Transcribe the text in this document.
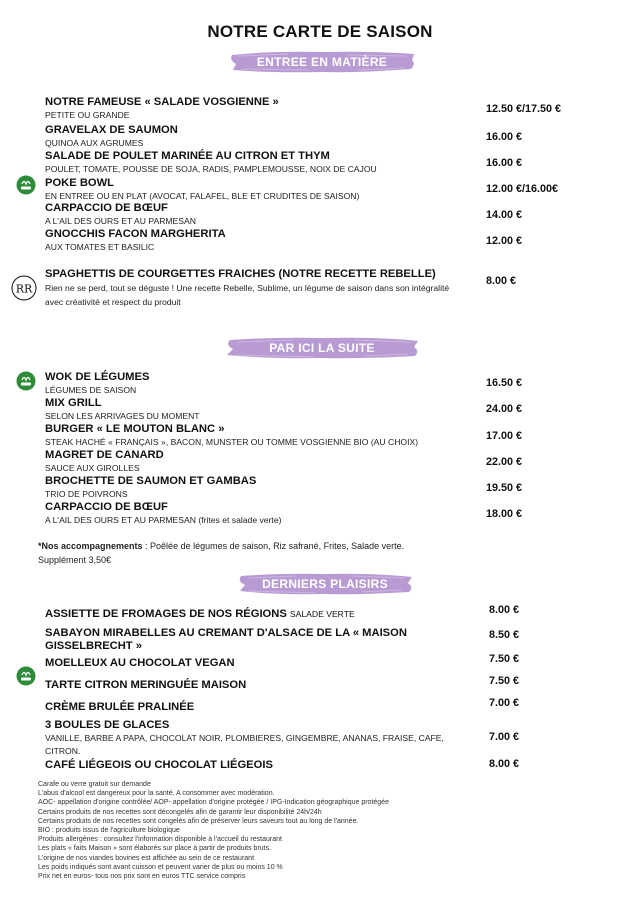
NOTRE CARTE DE SAISON
ENTREE EN MATIÈRE
NOTRE FAMEUSE « SALADE VOSGIENNE »
PETITE OU GRANDE	12.50 €/17.50 €
GRAVELAX DE SAUMON
QUINOA AUX AGRUMES	16.00 €
SALADE DE POULET MARINÉE AU CITRON ET THYM
POULET, TOMATE, POUSSE DE SOJA, RADIS, PAMPLEMOUSSE, NOIX DE CAJOU	16.00 €
POKE BOWL
EN ENTREE OU EN PLAT (AVOCAT, FALAFEL, BLE ET CRUDITES DE SAISON)
12.00 €/16.00€
CARPACCIO DE BŒUF
A L'AIL DES OURS ET AU PARMESAN	14.00 €
GNOCCHIS FACON MARGHERITA
AUX TOMATES ET BASILIC	12.00 €
RR
SPAGHETTIS DE COURGETTES FRAICHES (NOTRE RECETTE REBELLE)
Rien ne se perd, tout se déguste ! Une recette Rebelle, Sublime, un légume de saison dans son intégralité avec créativité et respect du produit
8.00 €
PAR ICI LA SUITE
WOK DE LÉGUMES
LÉGUMES DE SAISON
16.50 €
MIX GRILL
SELON LES ARRIVAGES DU MOMENT
24.00 €
BURGER « LE MOUTON BLANC »
STEAK HACHÉ « FRANÇAIS », BACON, MUNSTER OU TOMME VOSGIENNE BIO (AU CHOIX)	17.00 €
MAGRET DE CANARD
SAUCE AUX GIROLLES	22.00 €
BROCHETTE DE SAUMON ET GAMBAS
TRIO DE POIVRONS	19.50 €
CARPACCIO DE BŒUF
A L'AIL DES OURS ET AU PARMESAN (frites et salade verte)	18.00 €
*Nos accompagnements : Poêlée de légumes de saison, Riz safrané, Frites, Salade verte.
Supplément 3,50€
DERNIERS PLAISIRS
ASSIETTE DE FROMAGES DE NOS RÉGIONS SALADE VERTE	8.00 €
SABAYON MIRABELLES AU CREMANT D'ALSACE DE LA « MAISON
GISSELBRECHT »
8.50 €
MOELLEUX AU CHOCOLAT VEGAN	7.50 €
TARTE CITRON MERINGUÉE MAISON	7.50 €
CRÈME BRULÉE PRALINÉE	7.00 €
3 BOULES DE GLACES
VANILLE, BARBE A PAPA, CHOCOLAT NOIR, PLOMBIERES, GINGEMBRE, ANANAS, FRAISE, CAFE,
CITRON.
7.00 €
CAFÉ LIÉGEOIS OU CHOCOLAT LIÉGEOIS	8.00 €
Carafe ou verre gratuit sur demande
L'abus d'alcool est dangereux pour la santé. A consommer avec modération.
AOC- appellation d'origine contrôlée/ AOP- appellation d'origine protégée / IPG-Indication géographique protégée
Certains produits de nos recettes sont décongelés afin de garantir leur disponibilité 24h/24h
Certains produits de nos recettes sont congelés afin de préserver leurs saveurs tout au long de l'année.
BIO : produits issus de l'agriculture biologique
Produits allergènes : consultez l'information disponible à l'accueil du restaurant
Les plats « faits Maison » sont élaborés sur place à partir de produits bruts.
L'origine de nos viandes bovines est affichée au sein de ce restaurant
Les poids indiqués sont avant cuisson et peuvent varier de plus ou moins 10 %
Prix net en euros- tous nos prix sont en euros TTC service compris
